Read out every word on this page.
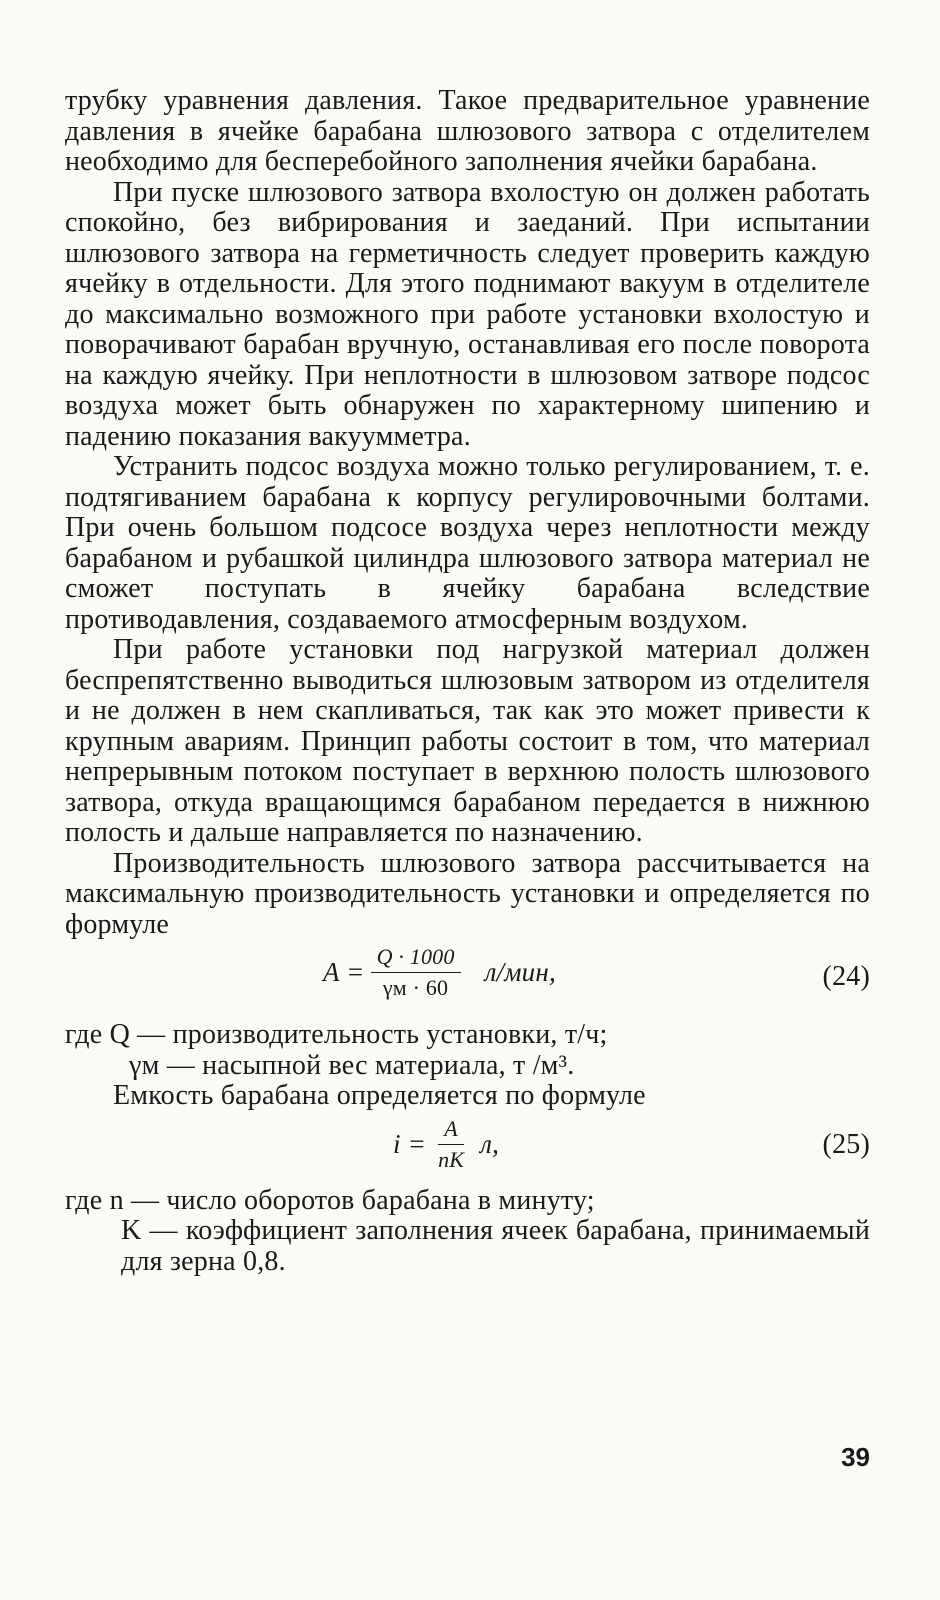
трубку уравнения давления. Такое предварительное уравнение давления в ячейке барабана шлюзового затвора с отделителем необходимо для бесперебойного заполнения ячейки барабана.

При пуске шлюзового затвора вхолостую он должен работать спокойно, без вибрирования и заеданий. При испытании шлюзового затвора на герметичность следует проверить каждую ячейку в отдельности. Для этого поднимают вакуум в отделителе до максимально возможного при работе установки вхолостую и поворачивают барабан вручную, останавливая его после поворота на каждую ячейку. При неплотности в шлюзовом затворе подсос воздуха может быть обнаружен по характерному шипению и падению показания вакуумметра.

Устранить подсос воздуха можно только регулированием, т. е. подтягиванием барабана к корпусу регулировочными болтами. При очень большом подсосе воздуха через неплотности между барабаном и рубашкой цилиндра шлюзового затвора материал не сможет поступать в ячейку барабана вследствие противодавления, создаваемого атмосферным воздухом.

При работе установки под нагрузкой материал должен беспрепятственно выводиться шлюзовым затвором из отделителя и не должен в нем скапливаться, так как это может привести к крупным авариям. Принцип работы состоит в том, что материал непрерывным потоком поступает в верхнюю полость шлюзового затвора, откуда вращающимся барабаном передается в нижнюю полость и дальше направляется по назначению.

Производительность шлюзового затвора рассчитывается на максимальную производительность установки и определяется по формуле

$A = \frac{Q \cdot 1000}{\gamma м \cdot 60} л/мин$,	(24)
где Q — производительность установки, т/ч;
γм — насыпной вес материала, т /м³.
Емкость барабана определяется по формуле
$i = \frac{A}{nK} л$,	(25)
где n — число оборотов барабана в минуту;
K — коэффициент заполнения ячеек барабана, принимаемый для зерна 0,8.
39
